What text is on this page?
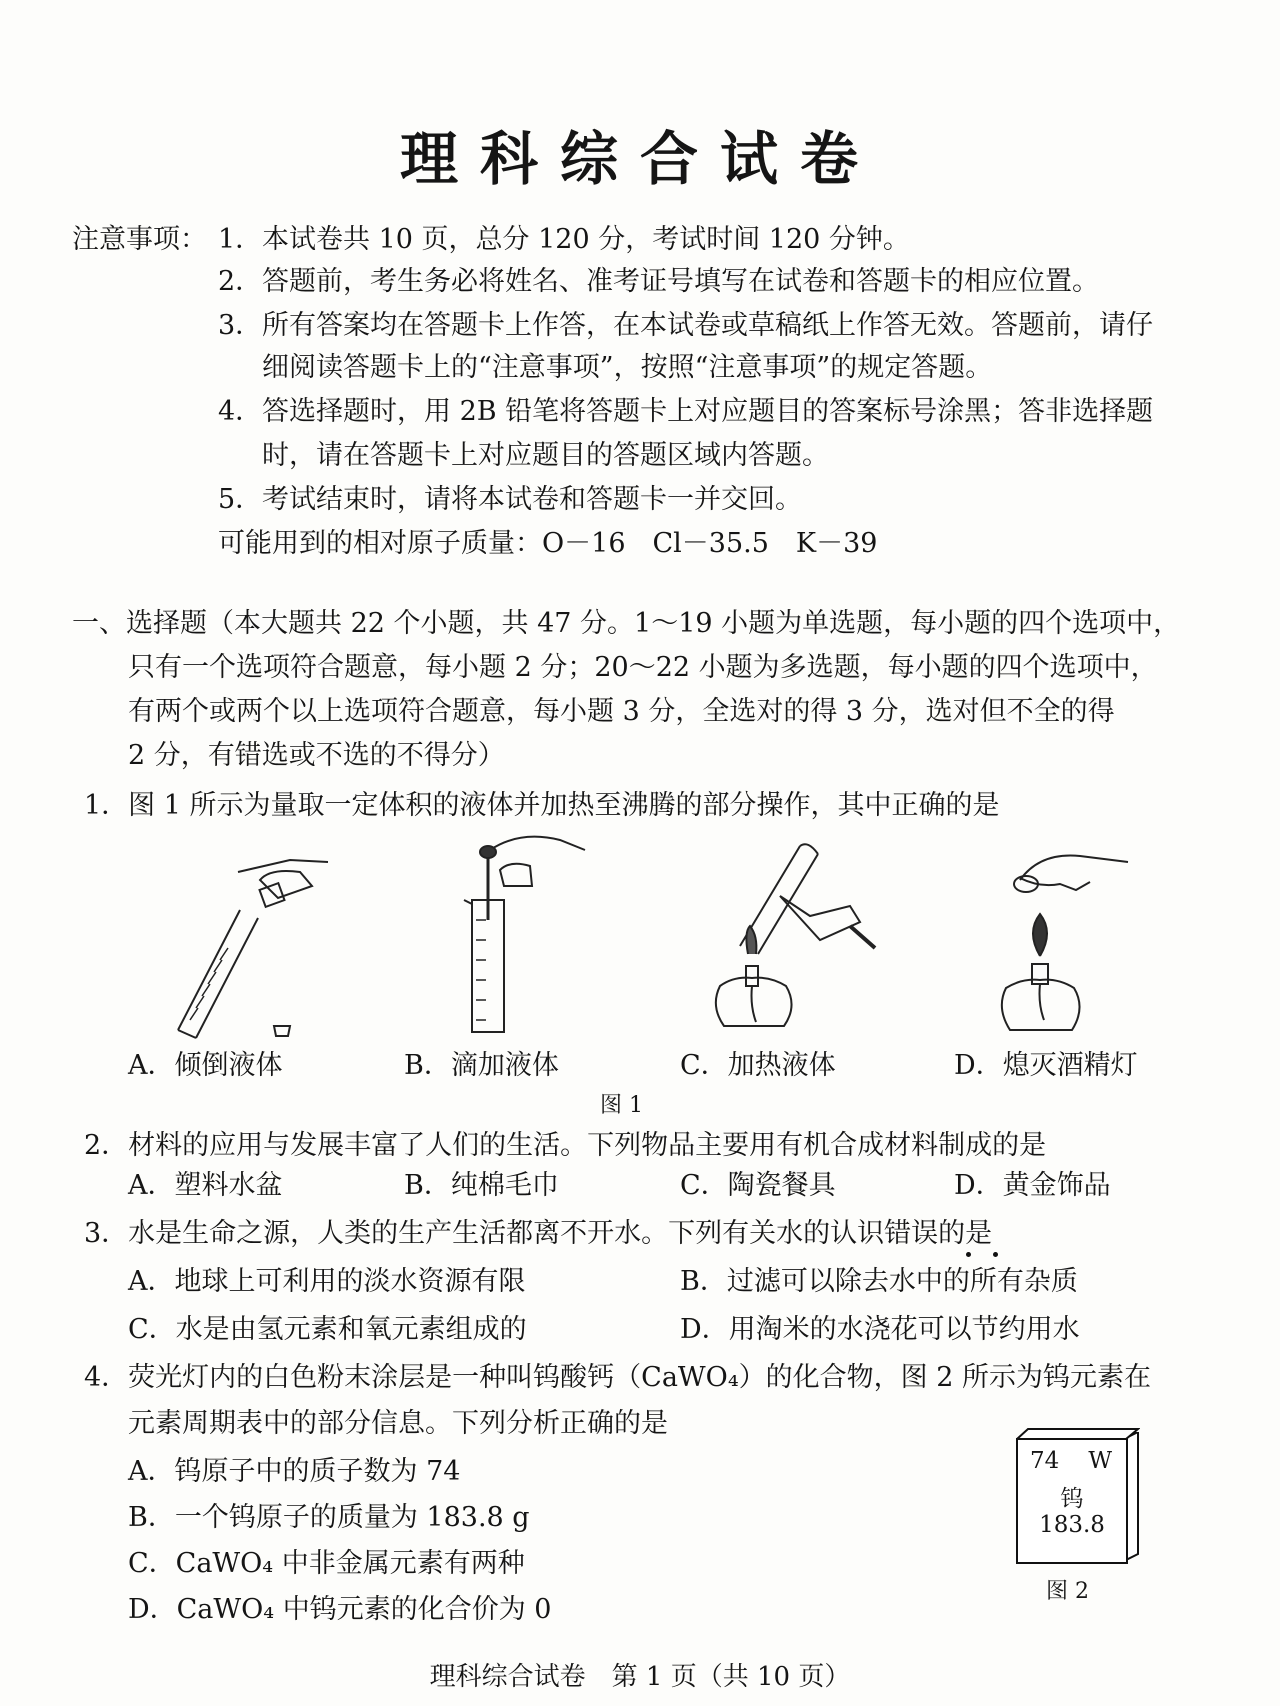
理科综合试卷
注意事项： 1．本试卷共 10 页，总分 120 分，考试时间 120 分钟。
2．答题前，考生务必将姓名、准考证号填写在试卷和答题卡的相应位置。
3．所有答案均在答题卡上作答，在本试卷或草稿纸上作答无效。答题前，请仔
细阅读答题卡上的“注意事项”，按照“注意事项”的规定答题。
4．答选择题时，用 2B 铅笔将答题卡上对应题目的答案标号涂黑；答非选择题
时，请在答题卡上对应题目的答题区域内答题。
5．考试结束时，请将本试卷和答题卡一并交回。
可能用到的相对原子质量：O－16　Cl－35.5　K－39
一、选择题（本大题共 22 个小题，共 47 分。1～19 小题为单选题，每小题的四个选项中，
只有一个选项符合题意，每小题 2 分；20～22 小题为多选题，每小题的四个选项中，
有两个或两个以上选项符合题意，每小题 3 分，全选对的得 3 分，选对但不全的得
2 分，有错选或不选的不得分）
1．图 1 所示为量取一定体积的液体并加热至沸腾的部分操作，其中正确的是
A．倾倒液体	B．滴加液体	C．加热液体	D．熄灭酒精灯
图 1
2．材料的应用与发展丰富了人们的生活。下列物品主要用有机合成材料制成的是
A．塑料水盆	B．纯棉毛巾	C．陶瓷餐具	D．黄金饰品
3．水是生命之源，人类的生产生活都离不开水。下列有关水的认识错误的是
A．地球上可利用的淡水资源有限	B．过滤可以除去水中的所有杂质
C．水是由氢元素和氧元素组成的	D．用淘米的水浇花可以节约用水
4．荧光灯内的白色粉末涂层是一种叫钨酸钙（CaWO₄）的化合物，图 2 所示为钨元素在
元素周期表中的部分信息。下列分析正确的是
A．钨原子中的质子数为 74
B．一个钨原子的质量为 183.8 g
C．CaWO₄ 中非金属元素有两种
D．CaWO₄ 中钨元素的化合价为 0
74 W
钨
183.8
图 2
理科综合试卷　第 1 页（共 10 页）
